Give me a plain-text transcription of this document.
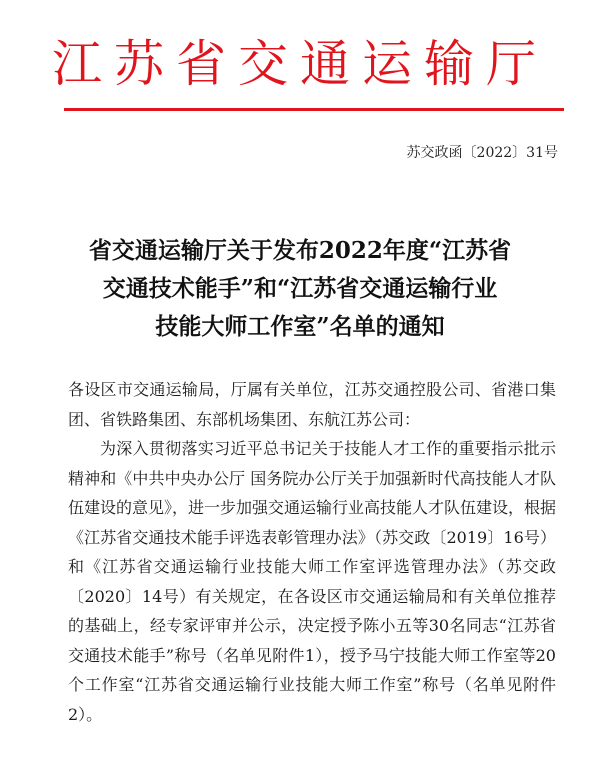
江苏省交通运输厅
苏交政函〔2022〕31号
省交通运输厅关于发布2022年度“江苏省
交通技术能手”和“江苏省交通运输行业
技能大师工作室”名单的通知

各设区市交通运输局，厅属有关单位，江苏交通控股公司、省港口集团、省铁路集团、东部机场集团、东航江苏公司：

为深入贯彻落实习近平总书记关于技能人才工作的重要指示批示精神和《中共中央办公厅 国务院办公厅关于加强新时代高技能人才队伍建设的意见》，进一步加强交通运输行业高技能人才队伍建设，根据《江苏省交通技术能手评选表彰管理办法》（苏交政〔2019〕16号）和《江苏省交通运输行业技能大师工作室评选管理办法》（苏交政〔2020〕14号）有关规定，在各设区市交通运输局和有关单位推荐的基础上，经专家评审并公示，决定授予陈小五等30名同志“江苏省交通技术能手”称号（名单见附件1），授予马宁技能大师工作室等20个工作室“江苏省交通运输行业技能大师工作室”称号（名单见附件2）。
